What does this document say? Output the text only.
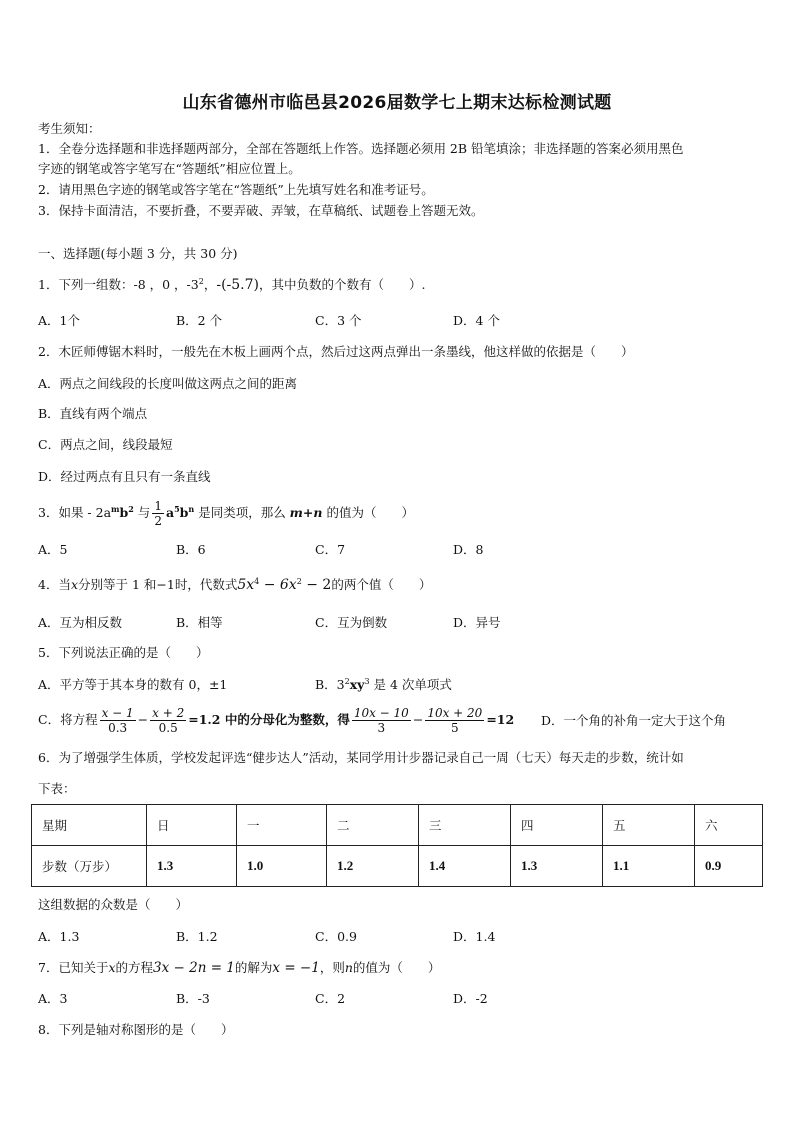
山东省德州市临邑县2026届数学七上期末达标检测试题
考生须知：
1．全卷分选择题和非选择题两部分，全部在答题纸上作答。选择题必须用 2B 铅笔填涂；非选择题的答案必须用黑色
字迹的钢笔或答字笔写在“答题纸”相应位置上。
2．请用黑色字迹的钢笔或答字笔在“答题纸”上先填写姓名和准考证号。
3．保持卡面清洁，不要折叠，不要弄破、弄皱，在草稿纸、试题卷上答题无效。
一、选择题(每小题 3 分，共 30 分)
1．下列一组数：-8 ，0 ，$-3^2$，-(-5.7)，其中负数的个数有（　　）.
A．1个	B．2 个	C．3 个	D．4 个
2．木匠师傅锯木料时，一般先在木板上画两个点，然后过这两点弹出一条墨线，他这样做的依据是（　　）
A．两点之间线段的长度叫做这两点之间的距离
B．直线有两个端点
C．两点之间，线段最短
D．经过两点有且只有一条直线
3．如果 - $2a^mb^2$ 与 $\frac{1}{2} a^5b^n$ 是同类项，那么 m+n 的值为（　　）
A．5	B．6	C．7	D．8
4．当x分别等于 1 和−1时，代数式$5x^4 - 6x^2 - 2$的两个值（　　）
A．互为相反数	B．相等	C．互为倒数	D．异号
5．下列说法正确的是（　　）
A．平方等于其本身的数有 0，±1	B．$3^2xy^3$ 是 4 次单项式
C．将方程 $\frac{x - 1}{0.3} - \frac{x + 2}{0.5} =1.2$ 中的分母化为整数，得 $\frac{10x - 10}{3} - \frac{10x + 20}{5} =12$ D．一个角的补角一定大于这个角
6．为了增强学生体质，学校发起评选“健步达人”活动，某同学用计步器记录自己一周（七天）每天走的步数，统计如
下表：
星期	日	一	二	三	四	五	六
步数（万步）	1.3	1.0	1.2	1.4	1.3	1.1	0.9
这组数据的众数是（　　）
A．1.3	B．1.2	C．0.9	D．1.4
7．已知关于x的方程3x − 2n = 1的解为x = −1，则n的值为（　　）
A．3	B．-3	C．2	D．-2
8．下列是轴对称图形的是（　　）
